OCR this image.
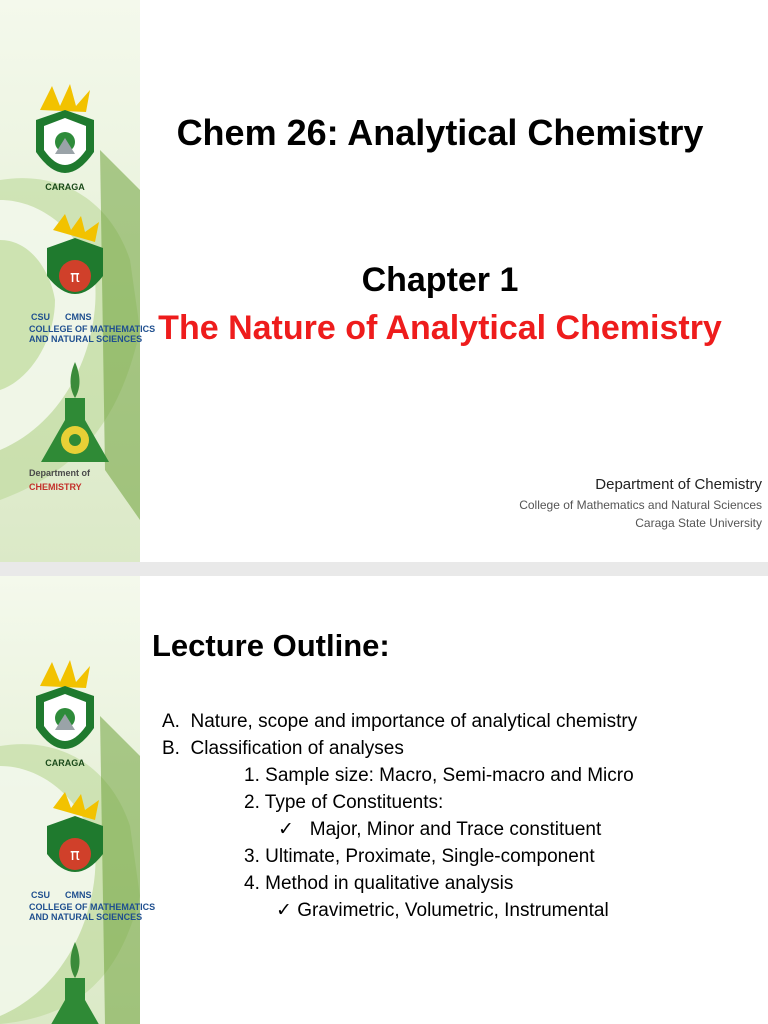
CARAGA
π
CSU CMNS
COLLEGE OF MATHEMATICS
AND NATURAL SCIENCES
Department of
CHEMISTRY
Chem 26: Analytical Chemistry
Chapter 1
The Nature of Analytical Chemistry
Department of Chemistry
College of Mathematics and Natural Sciences
Caraga State University
CARAGA
π
CSU CMNS
COLLEGE OF MATHEMATICS
AND NATURAL SCIENCES
Lecture Outline:
A. Nature, scope and importance of analytical chemistry
B. Classification of analyses
1. Sample size: Macro, Semi-macro and Micro
2. Type of Constituents:
✓ Major, Minor and Trace constituent
3. Ultimate, Proximate, Single-component
4. Method in qualitative analysis
✓ Gravimetric, Volumetric, Instrumental
